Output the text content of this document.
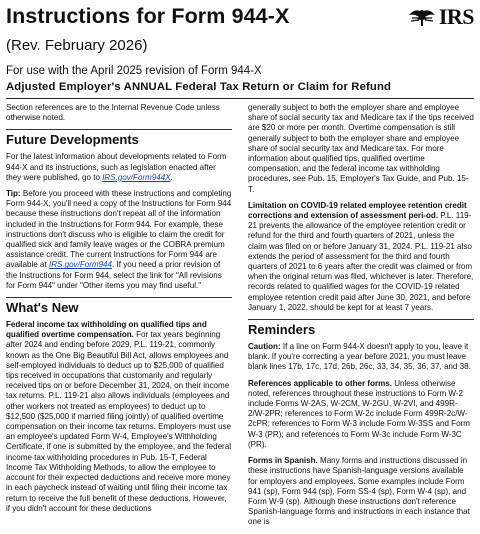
Instructions for Form 944-X	IRS
(Rev. February 2026)
For use with the April 2025 revision of Form 944-X
Adjusted Employer's ANNUAL Federal Tax Return or Claim for Refund

Section references are to the Internal Revenue Code unless otherwise noted.

Future Developments

For the latest information about developments related to Form 944-X and its instructions, such as legislation enacted after they were published, go to IRS.gov/Form944X.

Tip: Before you proceed with these instructions and completing Form 944-X, you'll need a copy of the Instructions for Form 944 because these instructions don't repeat all of the information included in the Instructions for Form 944. For example, these instructions don't discuss who is eligible to claim the credit for qualified sick and family leave wages or the COBRA premium assistance credit. The current Instructions for Form 944 are available at IRS.gov/Form944. If you need a prior revision of the Instructions for Form 944, select the link for "All revisions for Form 944" under "Other items you may find useful."

What's New

Federal income tax withholding on qualified tips and qualified overtime compensation. For tax years beginning after 2024 and ending before 2029, P.L. 119-21, commonly known as the One Big Beautiful Bill Act, allows employees and self-employed individuals to deduct up to $25,000 of qualified tips received in occupations that customarily and regularly received tips on or before December 31, 2024, on their income tax returns. P.L. 119-21 also allows individuals (employees and other workers not treated as employees) to deduct up to $12,500 ($25,000 if married filing jointly) of qualified overtime compensation on their income tax returns. Employers must use an employee's updated Form W-4, Employee's Withholding Certificate, if one is submitted by the employee, and the federal income tax withholding procedures in Pub. 15-T, Federal Income Tax Withholding Methods, to allow the employee to account for their expected deductions and receive more money in each paycheck instead of waiting until filing their income tax return to receive the full benefit of these deductions. However, if you didn't account for these deductions

generally subject to both the employer share and employee share of social security tax and Medicare tax if the tips received are $20 or more per month. Overtime compensation is still generally subject to both the employer share and employee share of social security tax and Medicare tax. For more information about qualified tips, qualified overtime compensation, and the federal income tax withholding procedures, see Pub. 15, Employer's Tax Guide, and Pub. 15-T.

Limitation on COVID-19 related employee retention credit corrections and extension of assessment peri-od. P.L. 119-21 prevents the allowance of the employee retention credit or refund for the third and fourth quarters of 2021, unless the claim was filed on or before January 31, 2024. P.L. 119-21 also extends the period of assessment for the third and fourth quarters of 2021 to 6 years after the credit was claimed or from when the original return was filed, whichever is later. Therefore, records related to qualified wages for the COVID-19 related employee retention credit paid after June 30, 2021, and before January 1, 2022, should be kept for at least 7 years.

Reminders

Caution: If a line on Form 944-X doesn't apply to you, leave it blank. If you're correcting a year before 2021, you must leave blank lines 17b, 17c, 17d, 26b, 26c, 33, 34, 35, 36, 37, and 38.

References applicable to other forms. Unless otherwise noted, references throughout these instructions to Form W-2 include Forms W-2AS, W-2CM, W-2GU, W-2VI, and 499R-2/W-2PR; references to Form W-2c include Form 499R-2c/W-2cPR; references to Form W-3 include Form W-3SS and Form W-3 (PR); and references to Form W-3c include Form W-3C (PR).

Forms in Spanish. Many forms and instructions discussed in these instructions have Spanish-language versions available for employers and employees. Some examples include Form 941 (sp), Form 944 (sp), Form SS-4 (sp), Form W-4 (sp), and Form W-9 (sp). Although these instructions don't reference Spanish-language forms and instructions in each instance that one is
